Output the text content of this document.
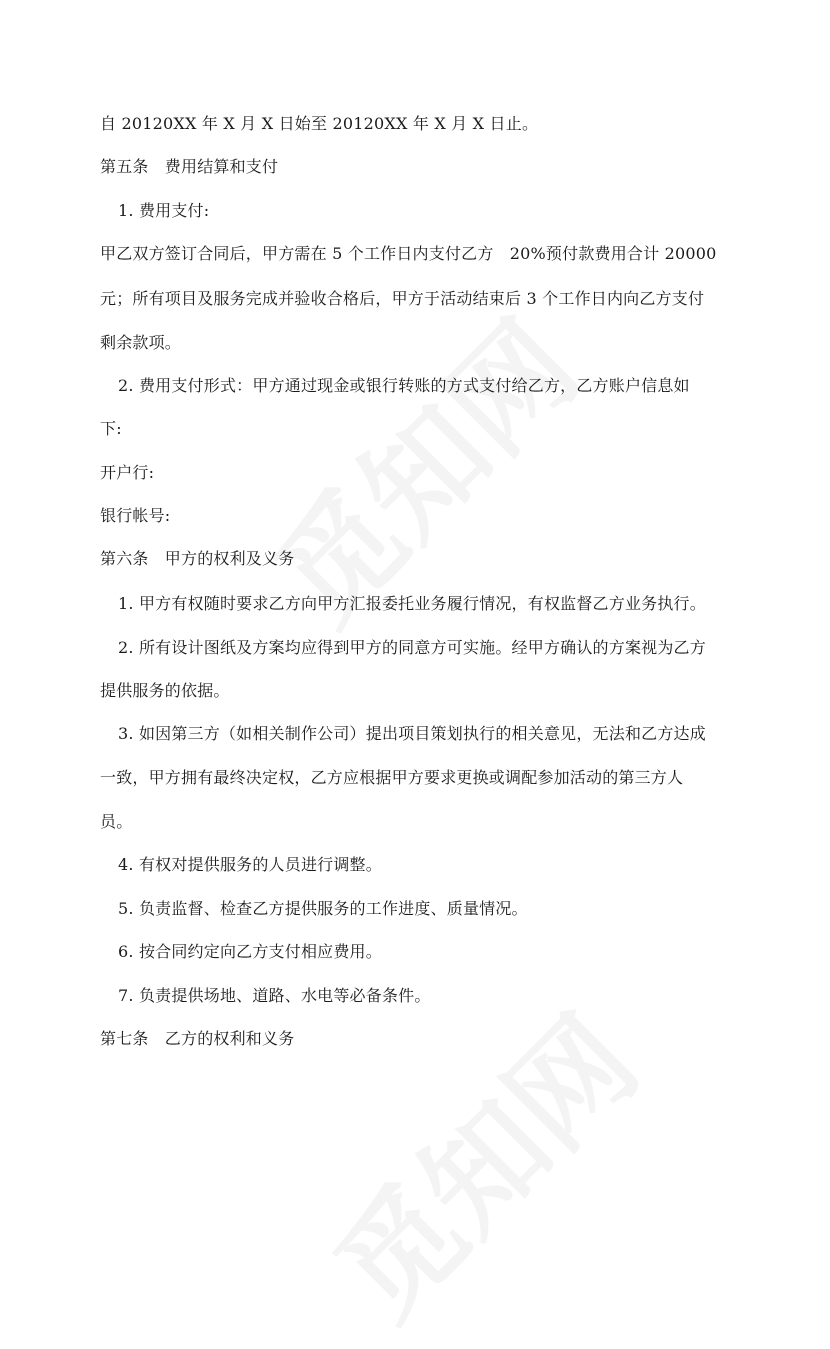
自 20120XX 年 X 月 X 日始至 20120XX 年 X 月 X 日止。
第五条　费用结算和支付
1. 费用支付:
甲乙双方签订合同后，甲方需在 5 个工作日内支付乙方　20%预付款费用合计 20000
元；所有项目及服务完成并验收合格后，甲方于活动结束后 3 个工作日内向乙方支付
剩余款项。
2. 费用支付形式：甲方通过现金或银行转账的方式支付给乙方，乙方账户信息如
下:
开户行:
银行帐号:
第六条　甲方的权利及义务
1. 甲方有权随时要求乙方向甲方汇报委托业务履行情况，有权监督乙方业务执行。
2. 所有设计图纸及方案均应得到甲方的同意方可实施。经甲方确认的方案视为乙方
提供服务的依据。
3. 如因第三方（如相关制作公司）提出项目策划执行的相关意见，无法和乙方达成
一致，甲方拥有最终决定权，乙方应根据甲方要求更换或调配参加活动的第三方人
员。
4. 有权对提供服务的人员进行调整。
5. 负责监督、检查乙方提供服务的工作进度、质量情况。
6. 按合同约定向乙方支付相应费用。
7. 负责提供场地、道路、水电等必备条件。
第七条　乙方的权利和义务
